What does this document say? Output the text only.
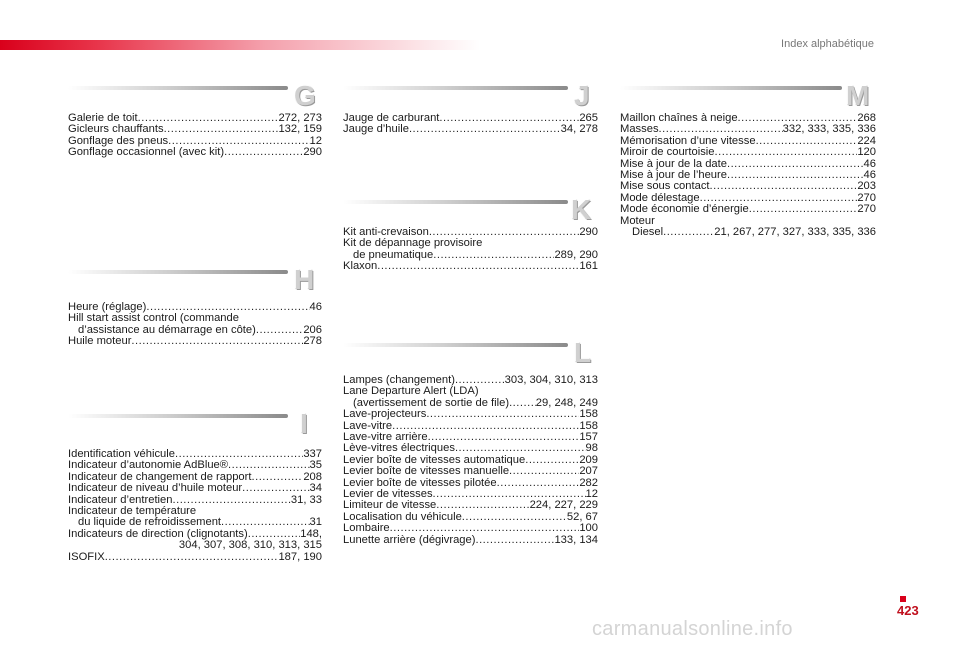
Index alphabétique
G
Galerie de toit .....	272, 273
Gicleurs chauffants .....	132, 159
Gonflage des pneus .....	12
Gonflage occasionnel (avec kit) .....	290
H
Heure (réglage) .....	46
Hill start assist control (commande
d’assistance au démarrage en côte) .....	206
Huile moteur .....	278
I
Identification véhicule .....	337
Indicateur d’autonomie AdBlue® .....	35
Indicateur de changement de rapport .....	208
Indicateur de niveau d’huile moteur .....	34
Indicateur d’entretien .....	31, 33
Indicateur de température
du liquide de refroidissement .....	31
Indicateurs de direction (clignotants) .....	148,
304, 307, 308, 310, 313, 315
ISOFIX .....	187, 190
J
Jauge de carburant .....	265
Jauge d’huile .....	34, 278
K
Kit anti-crevaison .....	290
Kit de dépannage provisoire
de pneumatique .....	289, 290
Klaxon .....	161
L
Lampes (changement) .....	303, 304, 310, 313
Lane Departure Alert (LDA)
(avertissement de sortie de file) ..... 29, 248, 249
Lave-projecteurs .....	158
Lave-vitre .....	158
Lave-vitre arrière .....	157
Lève-vitres électriques .....	98
Levier boîte de vitesses automatique .....	209
Levier boîte de vitesses manuelle .....	207
Levier boîte de vitesses pilotée .....	282
Levier de vitesses .....	12
Limiteur de vitesse .....	224, 227, 229
Localisation du véhicule .....	52, 67
Lombaire .....	100
Lunette arrière (dégivrage) .....	133, 134
M
Maillon chaînes à neige .....	268
Masses .....	332, 333, 335, 336
Mémorisation d’une vitesse .....	224
Miroir de courtoisie .....	120
Mise à jour de la date .....	46
Mise à jour de l’heure .....	46
Mise sous contact .....	203
Mode délestage .....	270
Mode économie d’énergie .....	270
Moteur
Diesel .....	21, 267, 277, 327, 333, 335, 336
423
carmanualsonline.info
